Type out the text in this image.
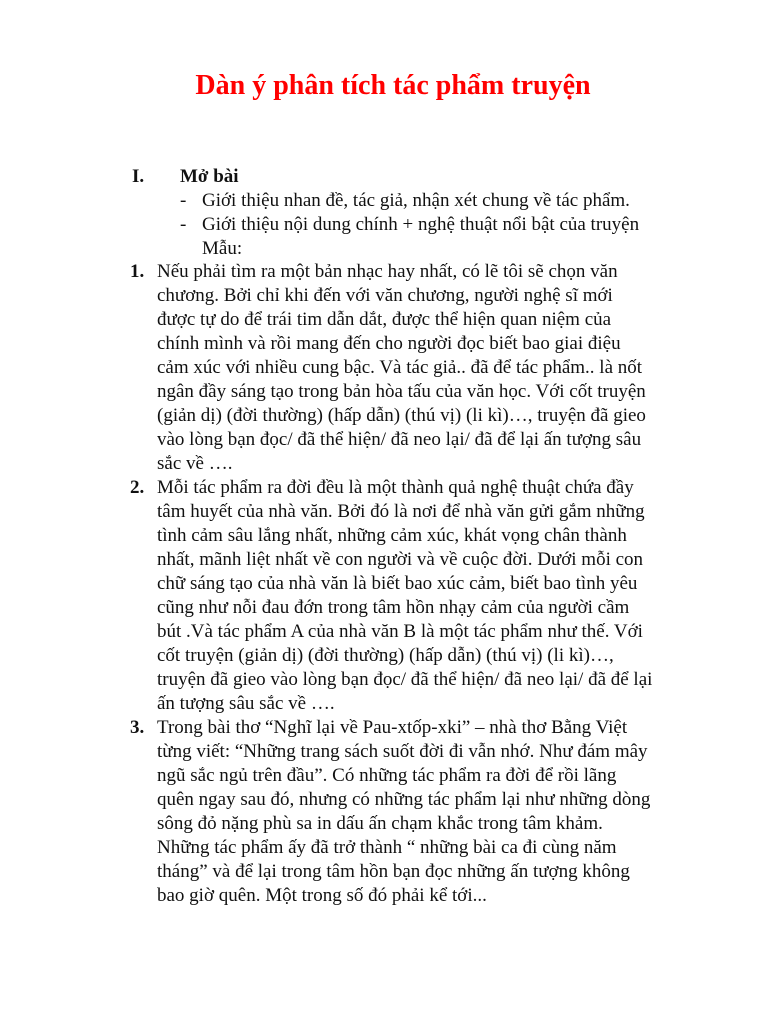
Dàn ý phân tích tác phẩm truyện
I.	Mở bài
- Giới thiệu nhan đề, tác giả, nhận xét chung về tác phẩm.
- Giới thiệu nội dung chính + nghệ thuật nổi bật của truyện
Mẫu:
1. Nếu phải tìm ra một bản nhạc hay nhất, có lẽ tôi sẽ chọn văn
chương. Bởi chỉ khi đến với văn chương, người nghệ sĩ mới
được tự do để trái tim dẫn dắt, được thể hiện quan niệm của
chính mình và rồi mang đến cho người đọc biết bao giai điệu
cảm xúc với nhiều cung bậc. Và tác giả.. đã để tác phẩm.. là nốt
ngân đầy sáng tạo trong bản hòa tấu của văn học. Với cốt truyện
(giản dị) (đời thường) (hấp dẫn) (thú vị) (li kì)…, truyện đã gieo
vào lòng bạn đọc/ đã thể hiện/ đã neo lại/ đã để lại ấn tượng sâu
sắc về ….
2. Mỗi tác phẩm ra đời đều là một thành quả nghệ thuật chứa đầy
tâm huyết của nhà văn. Bởi đó là nơi để nhà văn gửi gắm những
tình cảm sâu lắng nhất, những cảm xúc, khát vọng chân thành
nhất, mãnh liệt nhất về con người và về cuộc đời. Dưới mỗi con
chữ sáng tạo của nhà văn là biết bao xúc cảm, biết bao tình yêu
cũng như nỗi đau đớn trong tâm hồn nhạy cảm của người cầm
bút .Và tác phẩm A của nhà văn B là một tác phẩm như thế. Với
cốt truyện (giản dị) (đời thường) (hấp dẫn) (thú vị) (li kì)…,
truyện đã gieo vào lòng bạn đọc/ đã thể hiện/ đã neo lại/ đã để lại
ấn tượng sâu sắc về ….
3. Trong bài thơ “Nghĩ lại về Pau-xtốp-xki” – nhà thơ Bằng Việt
từng viết: “Những trang sách suốt đời đi vẫn nhớ. Như đám mây
ngũ sắc ngủ trên đầu”. Có những tác phẩm ra đời để rồi lãng
quên ngay sau đó, nhưng có những tác phẩm lại như những dòng
sông đỏ nặng phù sa in dấu ấn chạm khắc trong tâm khảm.
Những tác phẩm ấy đã trở thành “ những bài ca đi cùng năm
tháng” và để lại trong tâm hồn bạn đọc những ấn tượng không
bao giờ quên. Một trong số đó phải kể tới...
